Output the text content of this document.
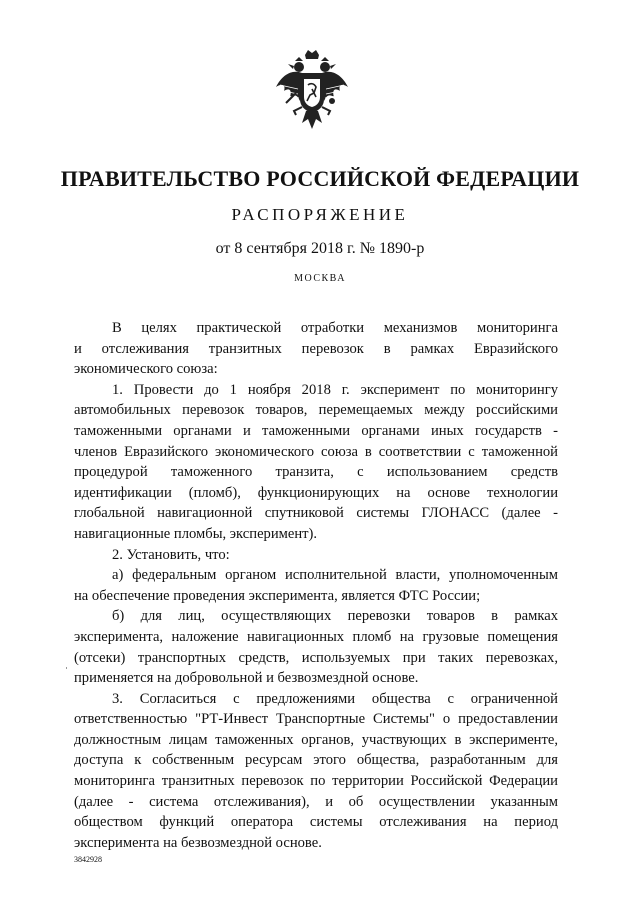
ПРАВИТЕЛЬСТВО РОССИЙСКОЙ ФЕДЕРАЦИИ
РАСПОРЯЖЕНИЕ
от 8 сентября 2018 г. № 1890-р
МОСКВА
В целях практической отработки механизмов мониторинга
и отслеживания транзитных перевозок в рамках Евразийского
экономического союза:
1. Провести до 1 ноября 2018 г. эксперимент по мониторингу
автомобильных перевозок товаров, перемещаемых между российскими
таможенными органами и таможенными органами иных государств -
членов Евразийского экономического союза в соответствии с таможенной
процедурой таможенного транзита, с использованием средств
идентификации (пломб), функционирующих на основе технологии
глобальной навигационной спутниковой системы ГЛОНАСС (далее -
навигационные пломбы, эксперимент).
2. Установить, что:
а) федеральным органом исполнительной власти, уполномоченным
на обеспечение проведения эксперимента, является ФТС России;
б) для лиц, осуществляющих перевозки товаров в рамках
эксперимента, наложение навигационных пломб на грузовые помещения
(отсеки) транспортных средств, используемых при таких перевозках,
применяется на добровольной и безвозмездной основе.
3. Согласиться с предложениями общества с ограниченной
ответственностью "РТ-Инвест Транспортные Системы" о предоставлении
должностным лицам таможенных органов, участвующих в эксперименте,
доступа к собственным ресурсам этого общества, разработанным для
мониторинга транзитных перевозок по территории Российской Федерации
(далее - система отслеживания), и об осуществлении указанным
обществом функций оператора системы отслеживания на период
эксперимента на безвозмездной основе.
3842928
